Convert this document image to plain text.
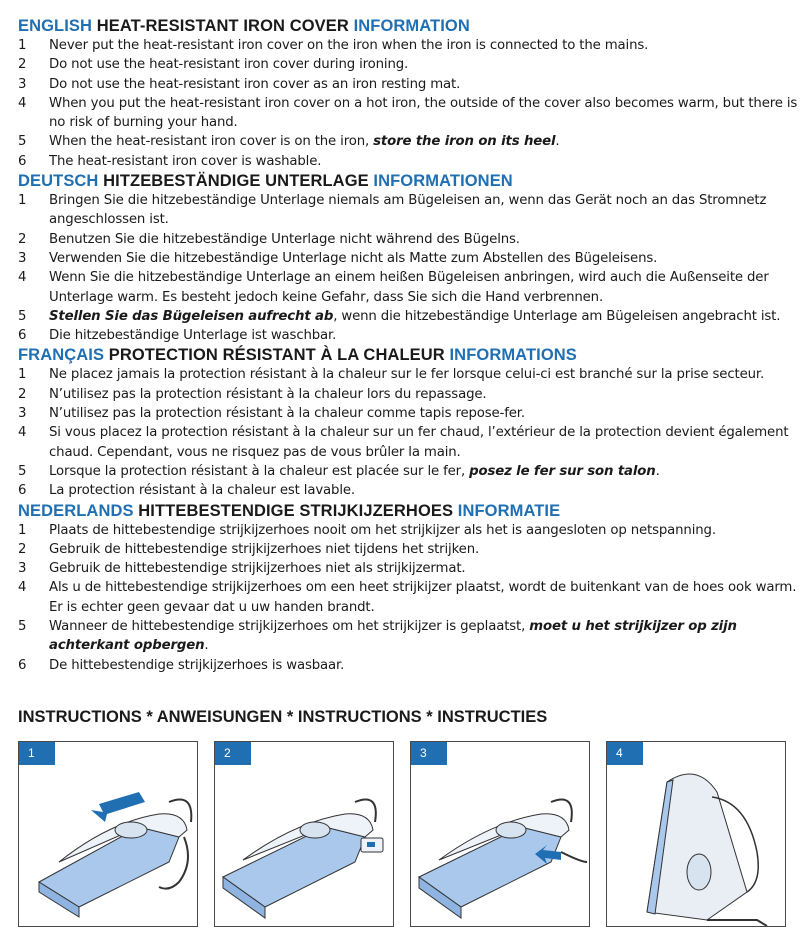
ENGLISH HEAT-RESISTANT IRON COVER INFORMATION
1	Never put the heat-resistant iron cover on the iron when the iron is connected to the mains.
2	Do not use the heat-resistant iron cover during ironing.
3	Do not use the heat-resistant iron cover as an iron resting mat.
4	When you put the heat-resistant iron cover on a hot iron, the outside of the cover also becomes warm, but there is no risk of burning your hand.
5	When the heat-resistant iron cover is on the iron, store the iron on its heel.
6	The heat-resistant iron cover is washable.
DEUTSCH HITZEBESTÄNDIGE UNTERLAGE INFORMATIONEN
1	Bringen Sie die hitzebeständige Unterlage niemals am Bügeleisen an, wenn das Gerät noch an das Stromnetz angeschlossen ist.
2	Benutzen Sie die hitzebeständige Unterlage nicht während des Bügelns.
3	Verwenden Sie die hitzebeständige Unterlage nicht als Matte zum Abstellen des Bügeleisens.
4	Wenn Sie die hitzebeständige Unterlage an einem heißen Bügeleisen anbringen, wird auch die Außenseite der Unterlage warm. Es besteht jedoch keine Gefahr, dass Sie sich die Hand verbrennen.
5	Stellen Sie das Bügeleisen aufrecht ab, wenn die hitzebeständige Unterlage am Bügeleisen angebracht ist.
6	Die hitzebeständige Unterlage ist waschbar.
FRANÇAIS PROTECTION RÉSISTANT À LA CHALEUR INFORMATIONS
1	Ne placez jamais la protection résistant à la chaleur sur le fer lorsque celui-ci est branché sur la prise secteur.
2	N’utilisez pas la protection résistant à la chaleur lors du repassage.
3	N’utilisez pas la protection résistant à la chaleur comme tapis repose-fer.
4	Si vous placez la protection résistant à la chaleur sur un fer chaud, l’extérieur de la protection devient également chaud. Cependant, vous ne risquez pas de vous brûler la main.
5	Lorsque la protection résistant à la chaleur est placée sur le fer, posez le fer sur son talon.
6	La protection résistant à la chaleur est lavable.
NEDERLANDS HITTEBESTENDIGE STRIJKIJZERHOES INFORMATIE
1	Plaats de hittebestendige strijkijzerhoes nooit om het strijkijzer als het is aangesloten op netspanning.
2	Gebruik de hittebestendige strijkijzerhoes niet tijdens het strijken.
3	Gebruik de hittebestendige strijkijzerhoes niet als strijkijzermat.
4	Als u de hittebestendige strijkijzerhoes om een heet strijkijzer plaatst, wordt de buitenkant van de hoes ook warm. Er is echter geen gevaar dat u uw handen brandt.
5	Wanneer de hittebestendige strijkijzerhoes om het strijkijzer is geplaatst, moet u het strijkijzer op zijn achterkant opbergen.
6	De hittebestendige strijkijzerhoes is wasbaar.
INSTRUCTIONS * ANWEISUNGEN * INSTRUCTIONS * INSTRUCTIES
1	2	3	4
